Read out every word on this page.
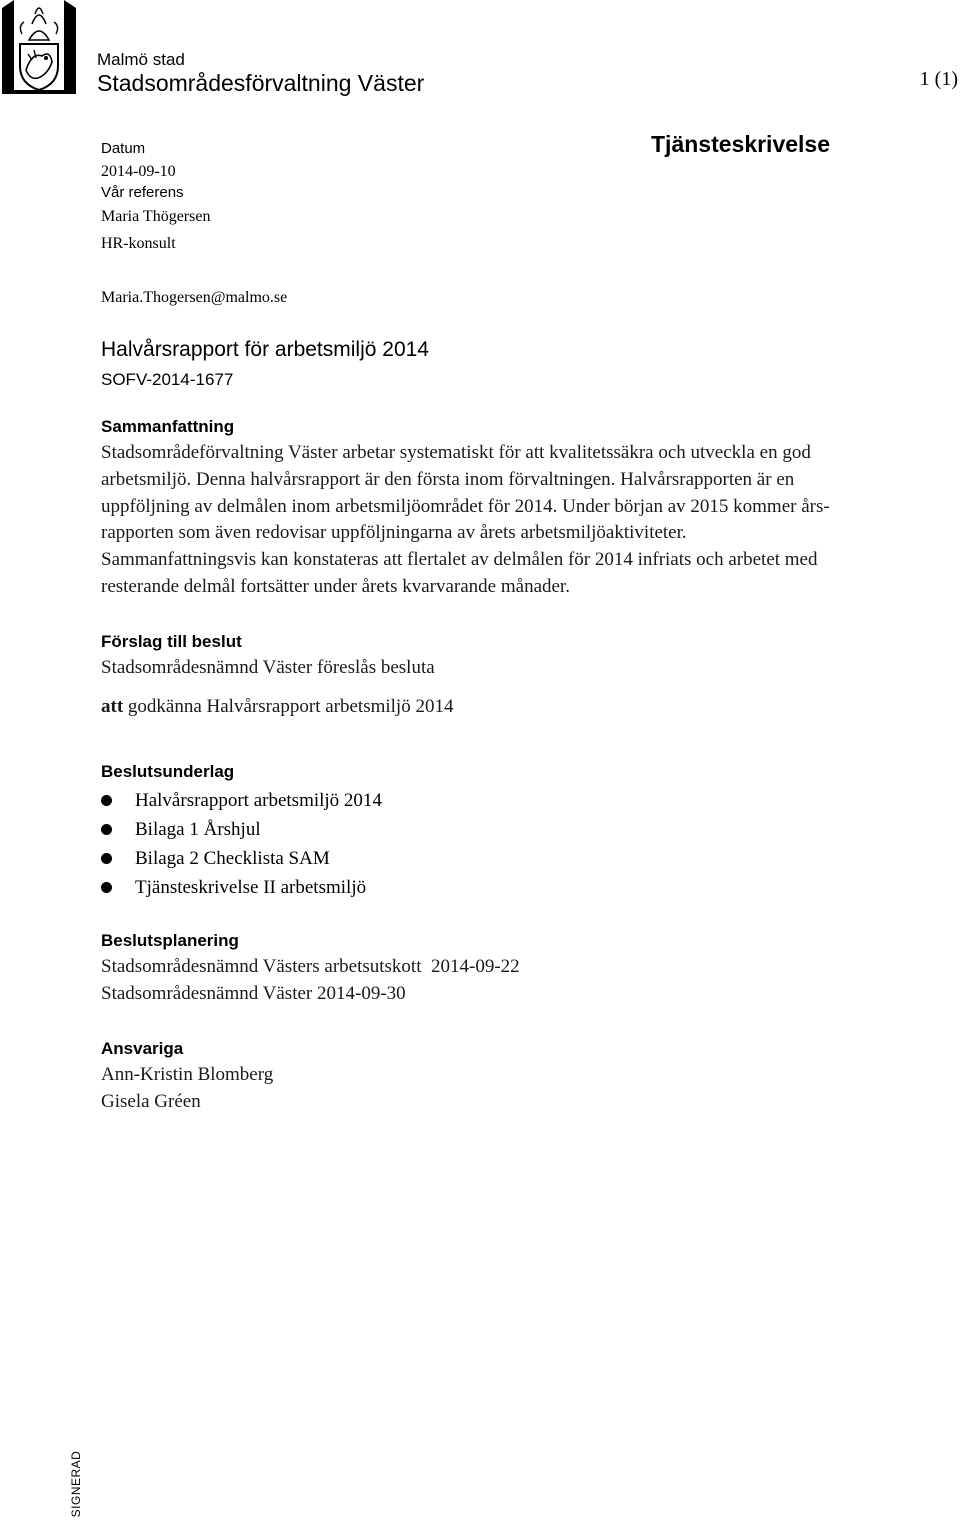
Malmö stad
Stadsområdesförvaltning Väster	1 (1)
Tjänsteskrivelse
Datum
2014-09-10
Vår referens
Maria Thögersen
HR-konsult
Maria.Thogersen@malmo.se
Halvårsrapport för arbetsmiljö 2014
SOFV-2014-1677
Sammanfattning

Stadsområdeförvaltning Väster arbetar systematiskt för att kvalitetssäkra och utveckla en god
arbetsmiljö. Denna halvårsrapport är den första inom förvaltningen. Halvårsrapporten är en
uppföljning av delmålen inom arbetsmiljöområdet för 2014. Under början av 2015 kommer års-
rapporten som även redovisar uppföljningarna av årets arbetsmiljöaktiviteter.
Sammanfattningsvis kan konstateras att flertalet av delmålen för 2014 infriats och arbetet med
resterande delmål fortsätter under årets kvarvarande månader.

Förslag till beslut
Stadsområdesnämnd Väster föreslås besluta
att godkänna Halvårsrapport arbetsmiljö 2014
Beslutsunderlag
Halvårsrapport arbetsmiljö 2014
Bilaga 1 Årshjul
Bilaga 2 Checklista SAM
Tjänsteskrivelse II arbetsmiljö
Beslutsplanering
Stadsområdesnämnd Västers arbetsutskott  2014-09-22
Stadsområdesnämnd Väster 2014-09-30
Ansvariga
Ann-Kristin Blomberg
Gisela Gréen
SIGNERAD
